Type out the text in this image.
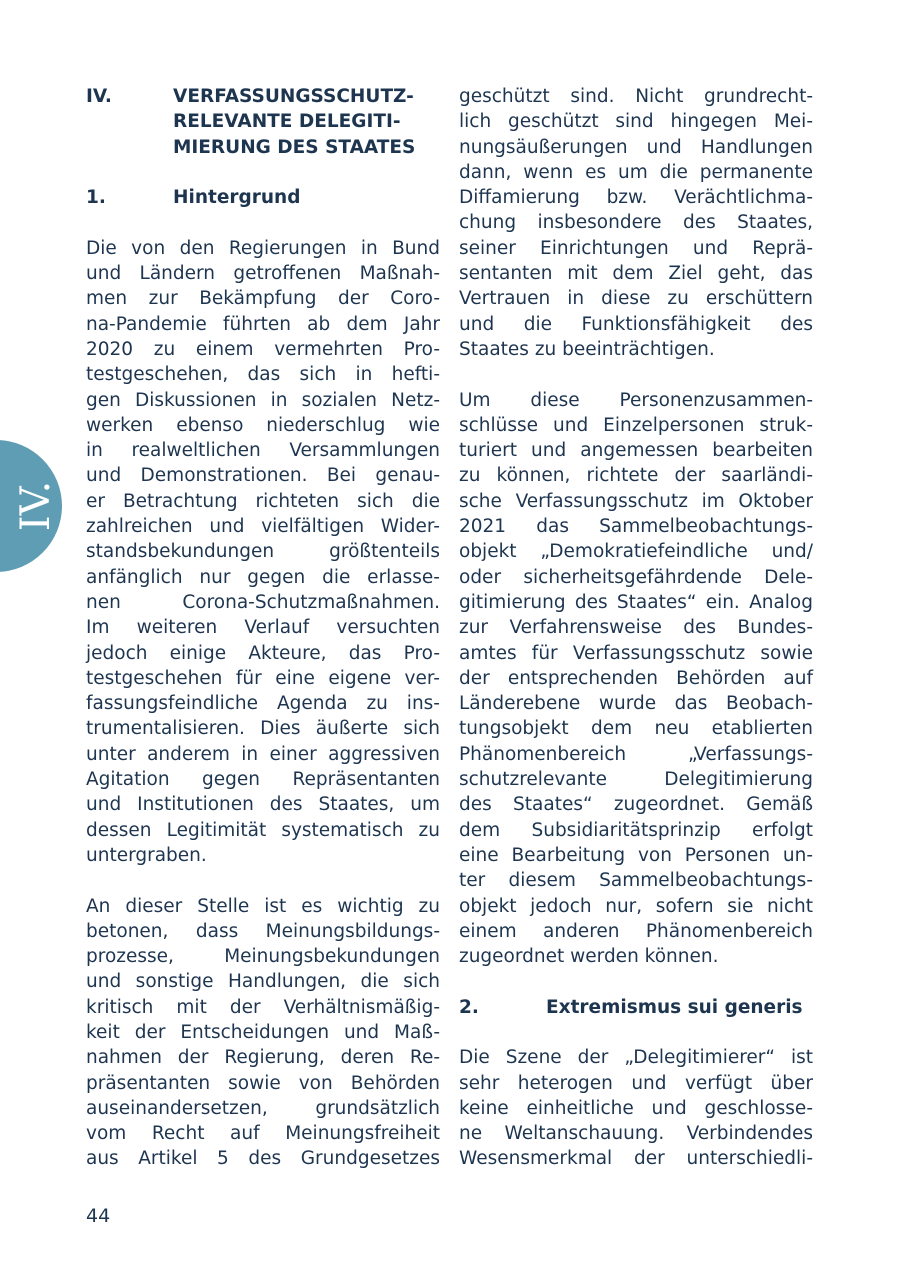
IV.
IV.	VERFASSUNGSSCHUTZ-
RELEVANTE DELEGITI-
MIERUNG DES STAATES
1.	Hintergrund
Die von den Regierungen in Bund
und Ländern getroffenen Maßnah-
men zur Bekämpfung der Coro-
na-Pandemie führten ab dem Jahr
2020 zu einem vermehrten Pro-
testgeschehen, das sich in hefti-
gen Diskussionen in sozialen Netz-
werken ebenso niederschlug wie
in realweltlichen Versammlungen
und Demonstrationen. Bei genau-
er Betrachtung richteten sich die
zahlreichen und vielfältigen Wider-
standsbekundungen größtenteils
anfänglich nur gegen die erlasse-
nen Corona-Schutzmaßnahmen.
Im weiteren Verlauf versuchten
jedoch einige Akteure, das Pro-
testgeschehen für eine eigene ver-
fassungsfeindliche Agenda zu ins-
trumentalisieren. Dies äußerte sich
unter anderem in einer aggressiven
Agitation gegen Repräsentanten
und Institutionen des Staates, um
dessen Legitimität systematisch zu
untergraben.
An dieser Stelle ist es wichtig zu
betonen, dass Meinungsbildungs-
prozesse, Meinungsbekundungen
und sonstige Handlungen, die sich
kritisch mit der Verhältnismäßig-
keit der Entscheidungen und Maß-
nahmen der Regierung, deren Re-
präsentanten sowie von Behörden
auseinandersetzen, grundsätzlich
vom Recht auf Meinungsfreiheit
aus Artikel 5 des Grundgesetzes
geschützt sind. Nicht grundrecht-
lich geschützt sind hingegen Mei-
nungsäußerungen und Handlungen
dann, wenn es um die permanente
Diffamierung bzw. Verächtlichma-
chung insbesondere des Staates,
seiner Einrichtungen und Reprä-
sentanten mit dem Ziel geht, das
Vertrauen in diese zu erschüttern
und die Funktionsfähigkeit des
Staates zu beeinträchtigen.
Um diese Personenzusammen-
schlüsse und Einzelpersonen struk-
turiert und angemessen bearbeiten
zu können, richtete der saarländi-
sche Verfassungsschutz im Oktober
2021 das Sammelbeobachtungs-
objekt „Demokratiefeindliche und/
oder sicherheitsgefährdende Dele-
gitimierung des Staates“ ein. Analog
zur Verfahrensweise des Bundes-
amtes für Verfassungsschutz sowie
der entsprechenden Behörden auf
Länderebene wurde das Beobach-
tungsobjekt dem neu etablierten
Phänomenbereich „Verfassungs-
schutzrelevante Delegitimierung
des Staates“ zugeordnet. Gemäß
dem Subsidiaritätsprinzip erfolgt
eine Bearbeitung von Personen un-
ter diesem Sammelbeobachtungs-
objekt jedoch nur, sofern sie nicht
einem anderen Phänomenbereich
zugeordnet werden können.
2.	Extremismus sui generis
Die Szene der „Delegitimierer“ ist
sehr heterogen und verfügt über
keine einheitliche und geschlosse-
ne Weltanschauung. Verbindendes
Wesensmerkmal der unterschiedli-
44
